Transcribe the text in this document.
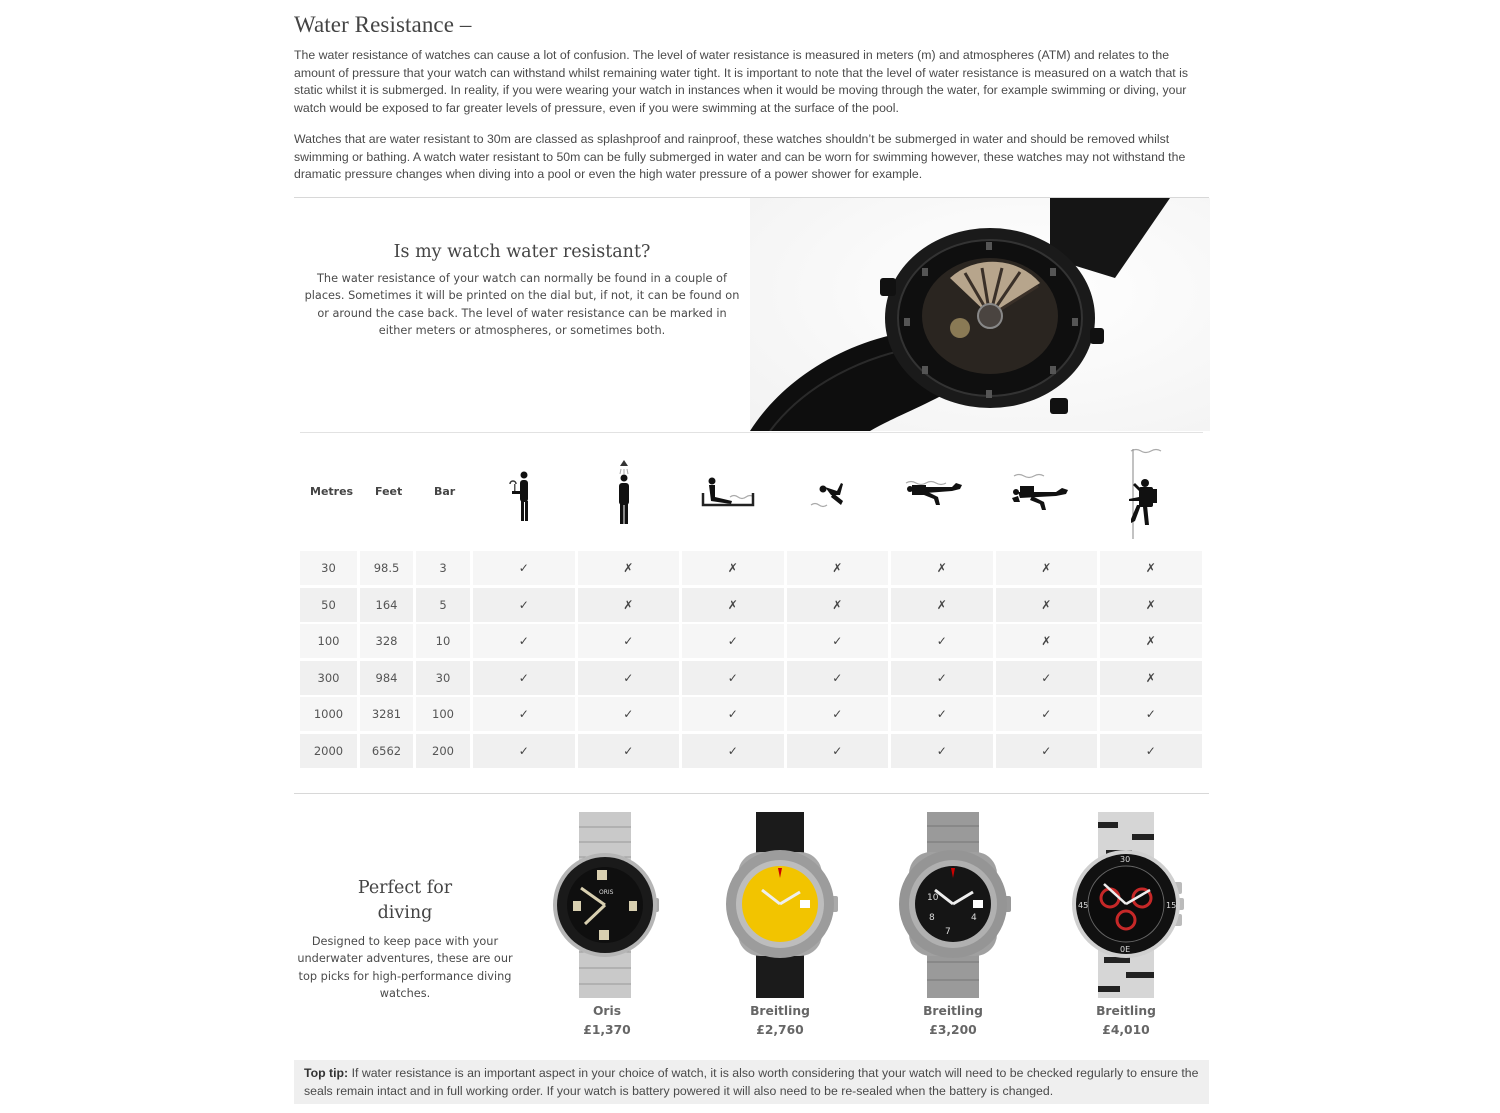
Water Resistance –

The water resistance of watches can cause a lot of confusion. The level of water resistance is measured in meters (m) and atmospheres (ATM) and relates to the amount of pressure that your watch can withstand whilst remaining water tight. It is important to note that the level of water resistance is measured on a watch that is static whilst it is submerged. In reality, if you were wearing your watch in instances when it would be moving through the water, for example swimming or diving, your watch would be exposed to far greater levels of pressure, even if you were swimming at the surface of the pool.

Watches that are water resistant to 30m are classed as splashproof and rainproof, these watches shouldn’t be submerged in water and should be removed whilst swimming or bathing. A watch water resistant to 50m can be fully submerged in water and can be worn for swimming however, these watches may not withstand the dramatic pressure changes when diving into a pool or even the high water pressure of a power shower for example.

Is my watch water resistant?

The water resistance of your watch can normally be found in a couple of places. Sometimes it will be printed on the dial but, if not, it can be found on or around the case back. The level of water resistance can be marked in either meters or atmospheres, or sometimes both.

Metres Feet	Bar
30	98.5	3	✓	✗	✗	✗	✗	✗	✗
50	164	5	✓	✗	✗	✗	✗	✗	✗
100	328	10	✓	✓	✓	✓	✓	✗	✗
300	984	30	✓	✓	✓	✓	✓	✓	✗
1000	3281	100	✓	✓	✓	✓	✓	✓	✓
2000	6562	200	✓	✓	✓	✓	✓	✓	✓
Perfect for
diving

Designed to keep pace with your underwater adventures, these are our top picks for high-performance diving watches.

ORIS
Oris
£1,370
Breitling
£2,760
10
8
7
4
Breitling
£3,200
30
0E
45	15
Breitling
£4,010
Top tip: If water resistance is an important aspect in your choice of watch, it is also worth considering that your watch will need to be checked regularly to ensure the seals remain intact and in full working order. If your watch is battery powered it will also need to be re-sealed when the battery is changed.
